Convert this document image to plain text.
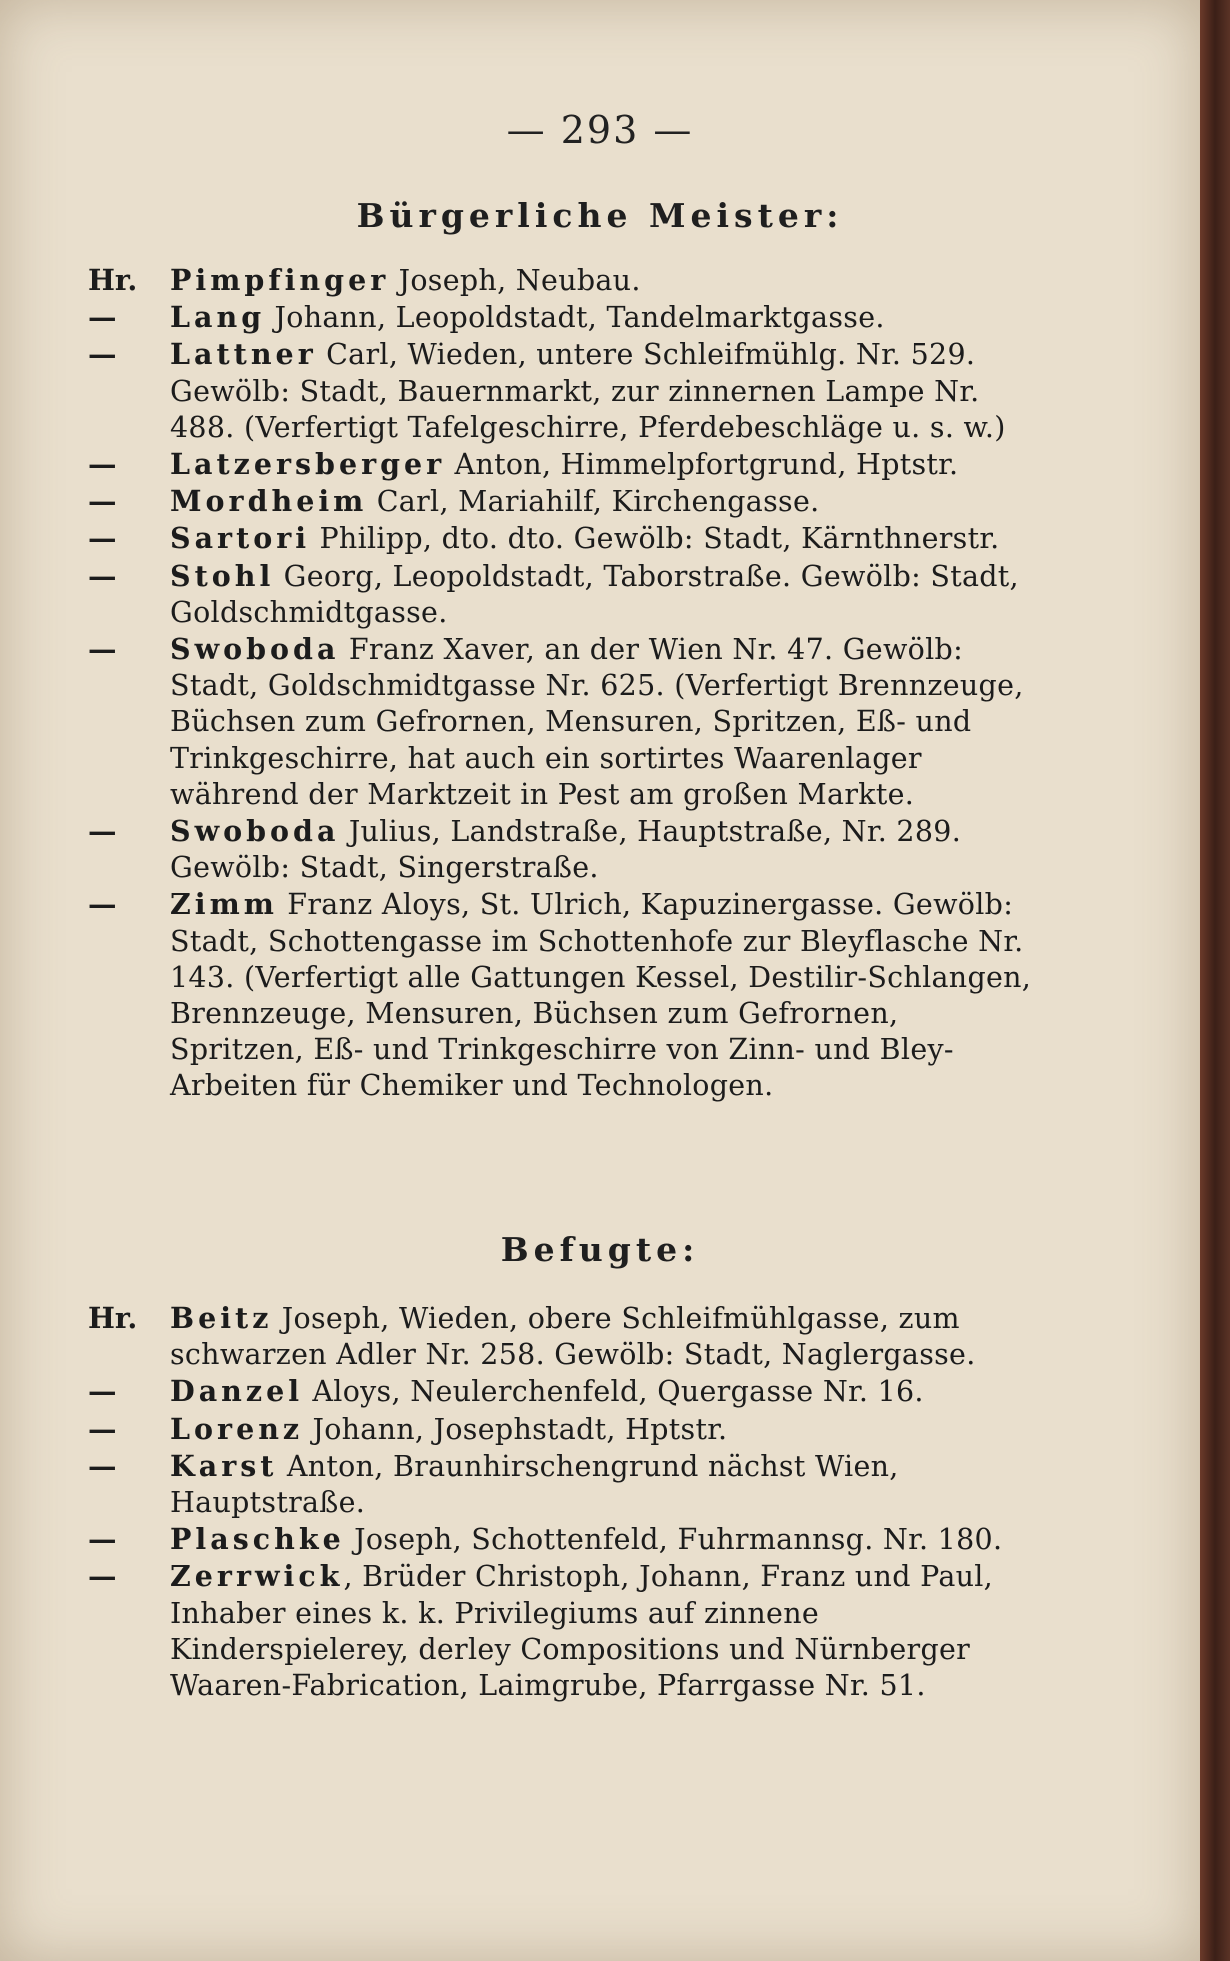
— 293 —
Bürgerliche Meister:
Hr.	Pimpfinger Joseph, Neubau.
—	Lang Johann, Leopoldstadt, Tandelmarktgasse.
—	Lattner Carl, Wieden, untere Schleifmühlg. Nr. 529. Gewölb: Stadt, Bauernmarkt, zur zinnernen Lampe Nr. 488. (Verfertigt Tafelgeschirre, Pferdebeschläge u. s. w.)
—	Latzersberger Anton, Himmelpfortgrund, Hptstr.
—	Mordheim Carl, Mariahilf, Kirchengasse.
—	Sartori Philipp, dto. dto. Gewölb: Stadt, Kärnthnerstr.
—	Stohl Georg, Leopoldstadt, Taborstraße. Gewölb: Stadt, Goldschmidtgasse.
—	Swoboda Franz Xaver, an der Wien Nr. 47. Gewölb: Stadt, Goldschmidtgasse Nr. 625. (Verfertigt Brennzeuge, Büchsen zum Gefrornen, Mensuren, Spritzen, Eß- und Trinkgeschirre, hat auch ein sortirtes Waarenlager während der Marktzeit in Pest am großen Markte.
—	Swoboda Julius, Landstraße, Hauptstraße, Nr. 289. Gewölb: Stadt, Singerstraße.
—	Zimm Franz Aloys, St. Ulrich, Kapuzinergasse. Gewölb: Stadt, Schottengasse im Schottenhofe zur Bleyflasche Nr. 143. (Verfertigt alle Gattungen Kessel, Destilir-Schlangen, Brennzeuge, Mensuren, Büchsen zum Gefrornen, Spritzen, Eß- und Trinkgeschirre von Zinn- und Bley-Arbeiten für Chemiker und Technologen.
Befugte:
Hr.	Beitz Joseph, Wieden, obere Schleifmühlgasse, zum schwarzen Adler Nr. 258. Gewölb: Stadt, Naglergasse.
—	Danzel Aloys, Neulerchenfeld, Quergasse Nr. 16.
—	Lorenz Johann, Josephstadt, Hptstr.
—	Karst Anton, Braunhirschengrund nächst Wien, Hauptstraße.
—	Plaschke Joseph, Schottenfeld, Fuhrmannsg. Nr. 180.
—	Zerrwick, Brüder Christoph, Johann, Franz und Paul, Inhaber eines k. k. Privilegiums auf zinnene Kinderspielerey, derley Compositions und Nürnberger Waaren-Fabrication, Laimgrube, Pfarrgasse Nr. 51.
